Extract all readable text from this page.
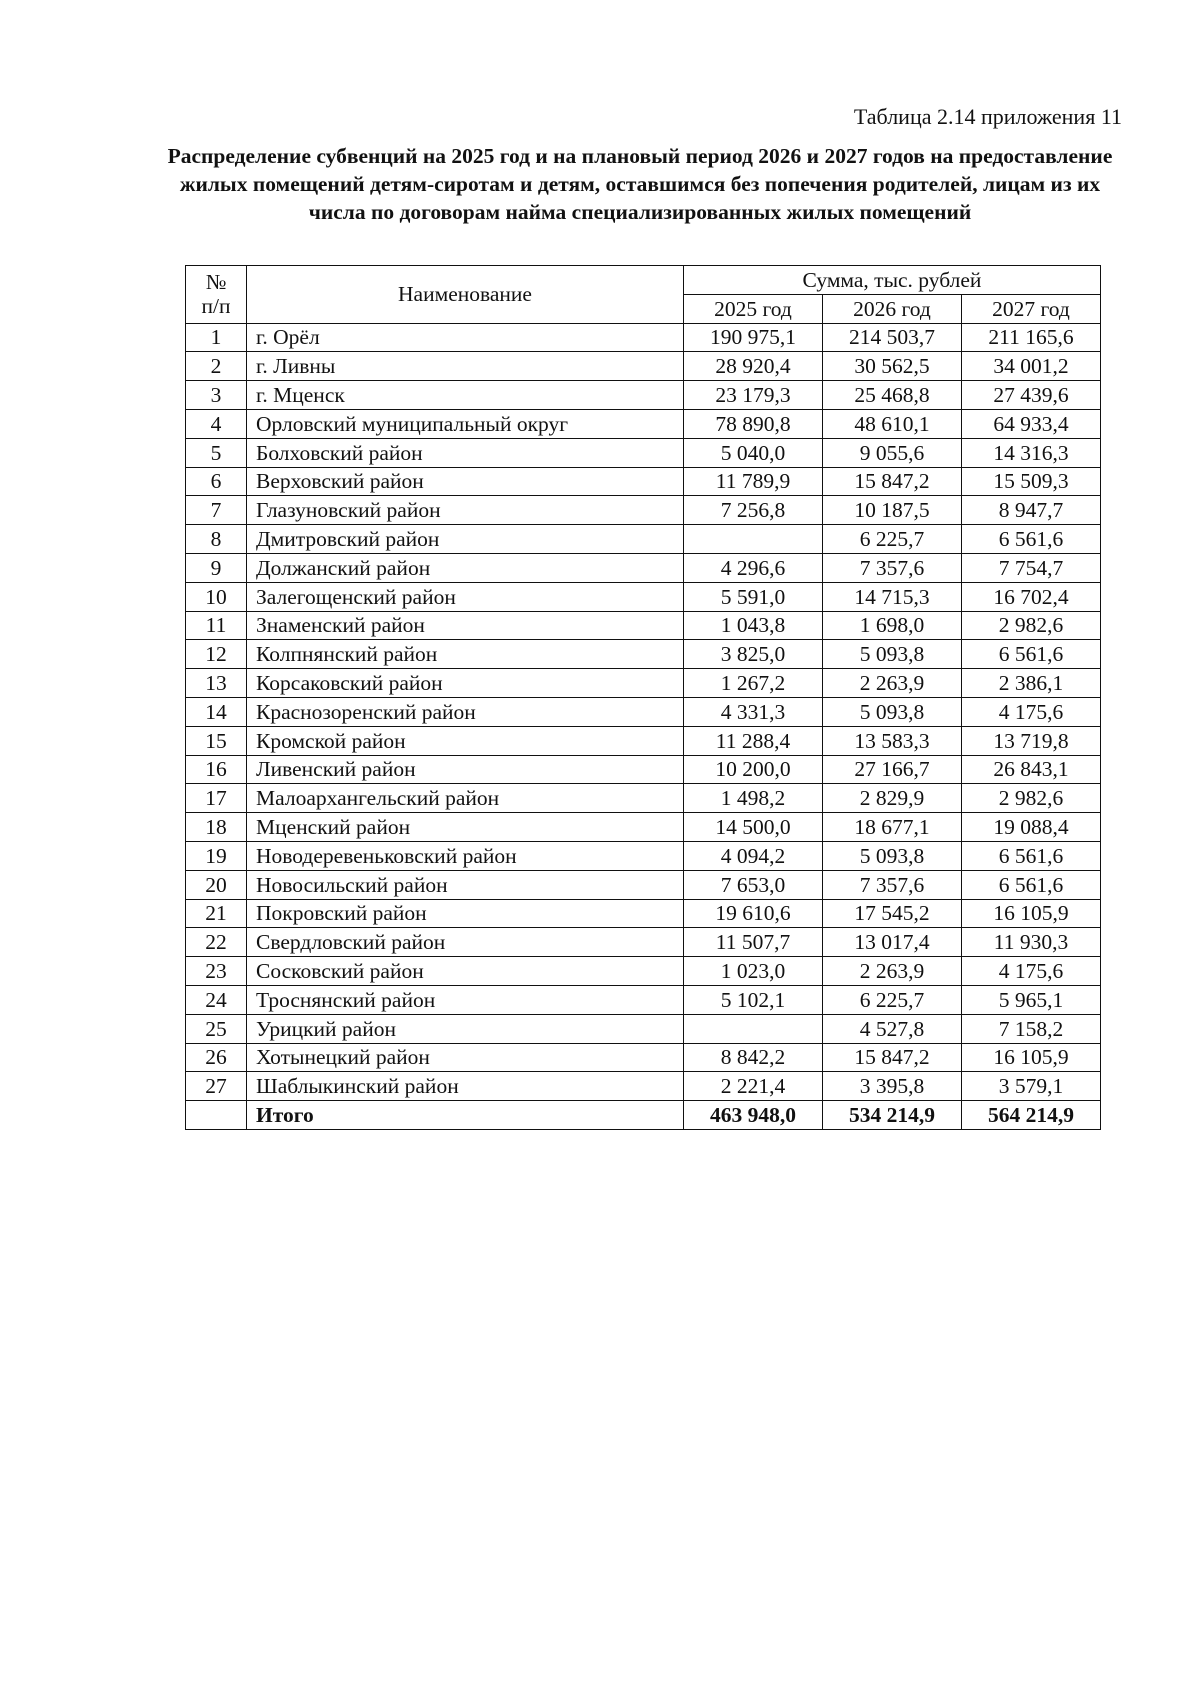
Таблица 2.14 приложения 11
Распределение субвенций на 2025 год и на плановый период 2026 и 2027 годов на предоставление жилых помещений детям-сиротам и детям, оставшимся без попечения родителей, лицам из их числа по договорам найма специализированных жилых помещений
№
п/п	Наименование	Сумма, тыс. рублей		
		2025 год	2026 год	2027 год
1	г. Орёл	190 975,1	214 503,7	211 165,6
2	г. Ливны	28 920,4	30 562,5	34 001,2
3	г. Мценск	23 179,3	25 468,8	27 439,6
4	Орловский муниципальный округ	78 890,8	48 610,1	64 933,4
5	Болховский район	5 040,0	9 055,6	14 316,3
6	Верховский район	11 789,9	15 847,2	15 509,3
7	Глазуновский район	7 256,8	10 187,5	8 947,7
8	Дмитровский район		6 225,7	6 561,6
9	Должанский район	4 296,6	7 357,6	7 754,7
10	Залегощенский район	5 591,0	14 715,3	16 702,4
11	Знаменский район	1 043,8	1 698,0	2 982,6
12	Колпнянский район	3 825,0	5 093,8	6 561,6
13	Корсаковский район	1 267,2	2 263,9	2 386,1
14	Краснозоренский район	4 331,3	5 093,8	4 175,6
15	Кромской район	11 288,4	13 583,3	13 719,8
16	Ливенский район	10 200,0	27 166,7	26 843,1
17	Малоархангельский район	1 498,2	2 829,9	2 982,6
18	Мценский район	14 500,0	18 677,1	19 088,4
19	Новодеревеньковский район	4 094,2	5 093,8	6 561,6
20	Новосильский район	7 653,0	7 357,6	6 561,6
21	Покровский район	19 610,6	17 545,2	16 105,9
22	Свердловский район	11 507,7	13 017,4	11 930,3
23	Сосковский район	1 023,0	2 263,9	4 175,6
24	Троснянский район	5 102,1	6 225,7	5 965,1
25	Урицкий район		4 527,8	7 158,2
26	Хотынецкий район	8 842,2	15 847,2	16 105,9
27	Шаблыкинский район	2 221,4	3 395,8	3 579,1
	Итого	463 948,0	534 214,9	564 214,9
